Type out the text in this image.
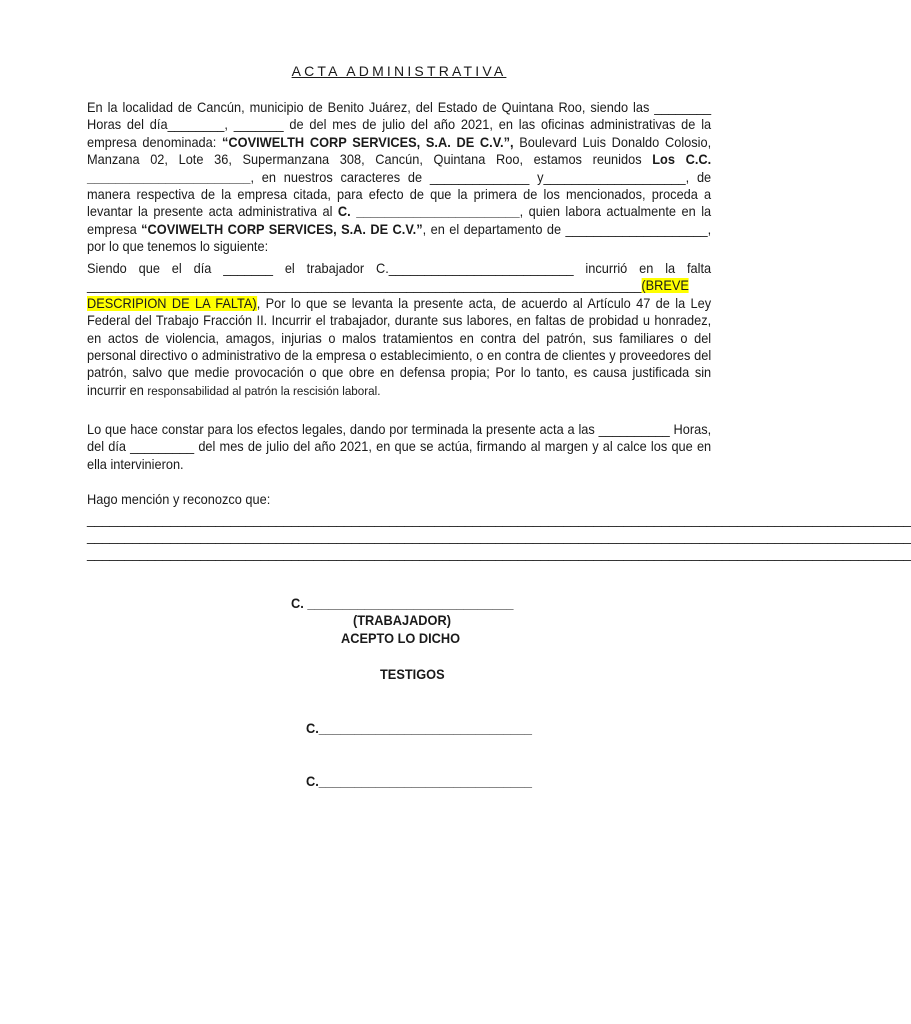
ACTA ADMINISTRATIVA
En la localidad de Cancún, municipio de Benito Juárez, del Estado de Quintana Roo, siendo las ________ Horas del día________, _______ de del mes de julio del año 2021, en las oficinas administrativas de la empresa denominada: “COVIWELTH CORP SERVICES, S.A. DE C.V.”, Boulevard Luis Donaldo Colosio, Manzana 02, Lote 36, Supermanzana 308, Cancún, Quintana Roo, estamos reunidos Los C.C. _______________________, en nuestros caracteres de ______________ y____________________, de manera respectiva de la empresa citada, para efecto de que la primera de los mencionados, proceda a levantar la presente acta administrativa al C. _______________________, quien labora actualmente en la empresa “COVIWELTH CORP SERVICES, S.A. DE C.V.”, en el departamento de ____________________, por lo que tenemos lo siguiente:
Siendo que el día _______ el trabajador C.__________________________ incurrió en la falta ______________________________________________________________________________(BREVE DESCRIPION DE LA FALTA), Por lo que se levanta la presente acta, de acuerdo al Artículo 47 de la Ley Federal del Trabajo Fracción II. Incurrir el trabajador, durante sus labores, en faltas de probidad u honradez, en actos de violencia, amagos, injurias o malos tratamientos en contra del patrón, sus familiares o del personal directivo o administrativo de la empresa o establecimiento, o en contra de clientes y proveedores del patrón, salvo que medie provocación o que obre en defensa propia; Por lo tanto, es causa justificada sin incurrir en responsabilidad al patrón la rescisión laboral.
Lo que hace constar para los efectos legales, dando por terminada la presente acta a las __________ Horas, del día _________ del mes de julio del año 2021, en que se actúa, firmando al margen y al calce los que en ella intervinieron.
Hago mención y reconozco que:
_____________________________________________________________________________________________________________
_____________________________________________________________________________________________________________
_____________________________________________________________________________________________________________
C. _____________________________
(TRABAJADOR)
ACEPTO LO DICHO
TESTIGOS
C.______________________________
C.______________________________
